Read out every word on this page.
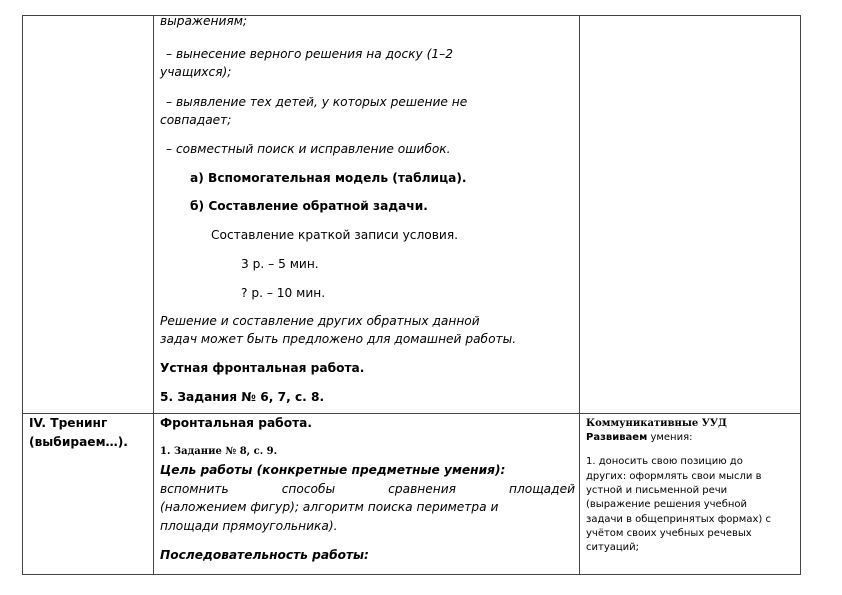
выражениям;
– вынесение верного решения на доску (1–2
учащихся);
– выявление тех детей, у которых решение не
совпадает;
– совместный поиск и исправление ошибок.
а) Вспомогательная модель (таблица).
б) Составление обратной задачи.
Составление краткой записи условия.
3 р. – 5 мин.
? р. – 10 мин.
Решение и составление других обратных данной
задач может быть предложено для домашней работы.
Устная фронтальная работа.
5. Задания № 6, 7, с. 8.
IV. Тренинг
(выбираем…).
Фронтальная работа.
1. Задание № 8, с. 9.
Цель работы (конкретные предметные умения):
вспомнить способы сравнения площадей
(наложением фигур); алгоритм поиска периметра и
площади прямоугольника).
Последовательность работы:
Коммуникативные УУД
Развиваем умения:
1. доносить свою позицию до
других: оформлять свои мысли в
устной и письменной речи
(выражение решения учебной
задачи в общепринятых формах) с
учётом своих учебных речевых
ситуаций;
